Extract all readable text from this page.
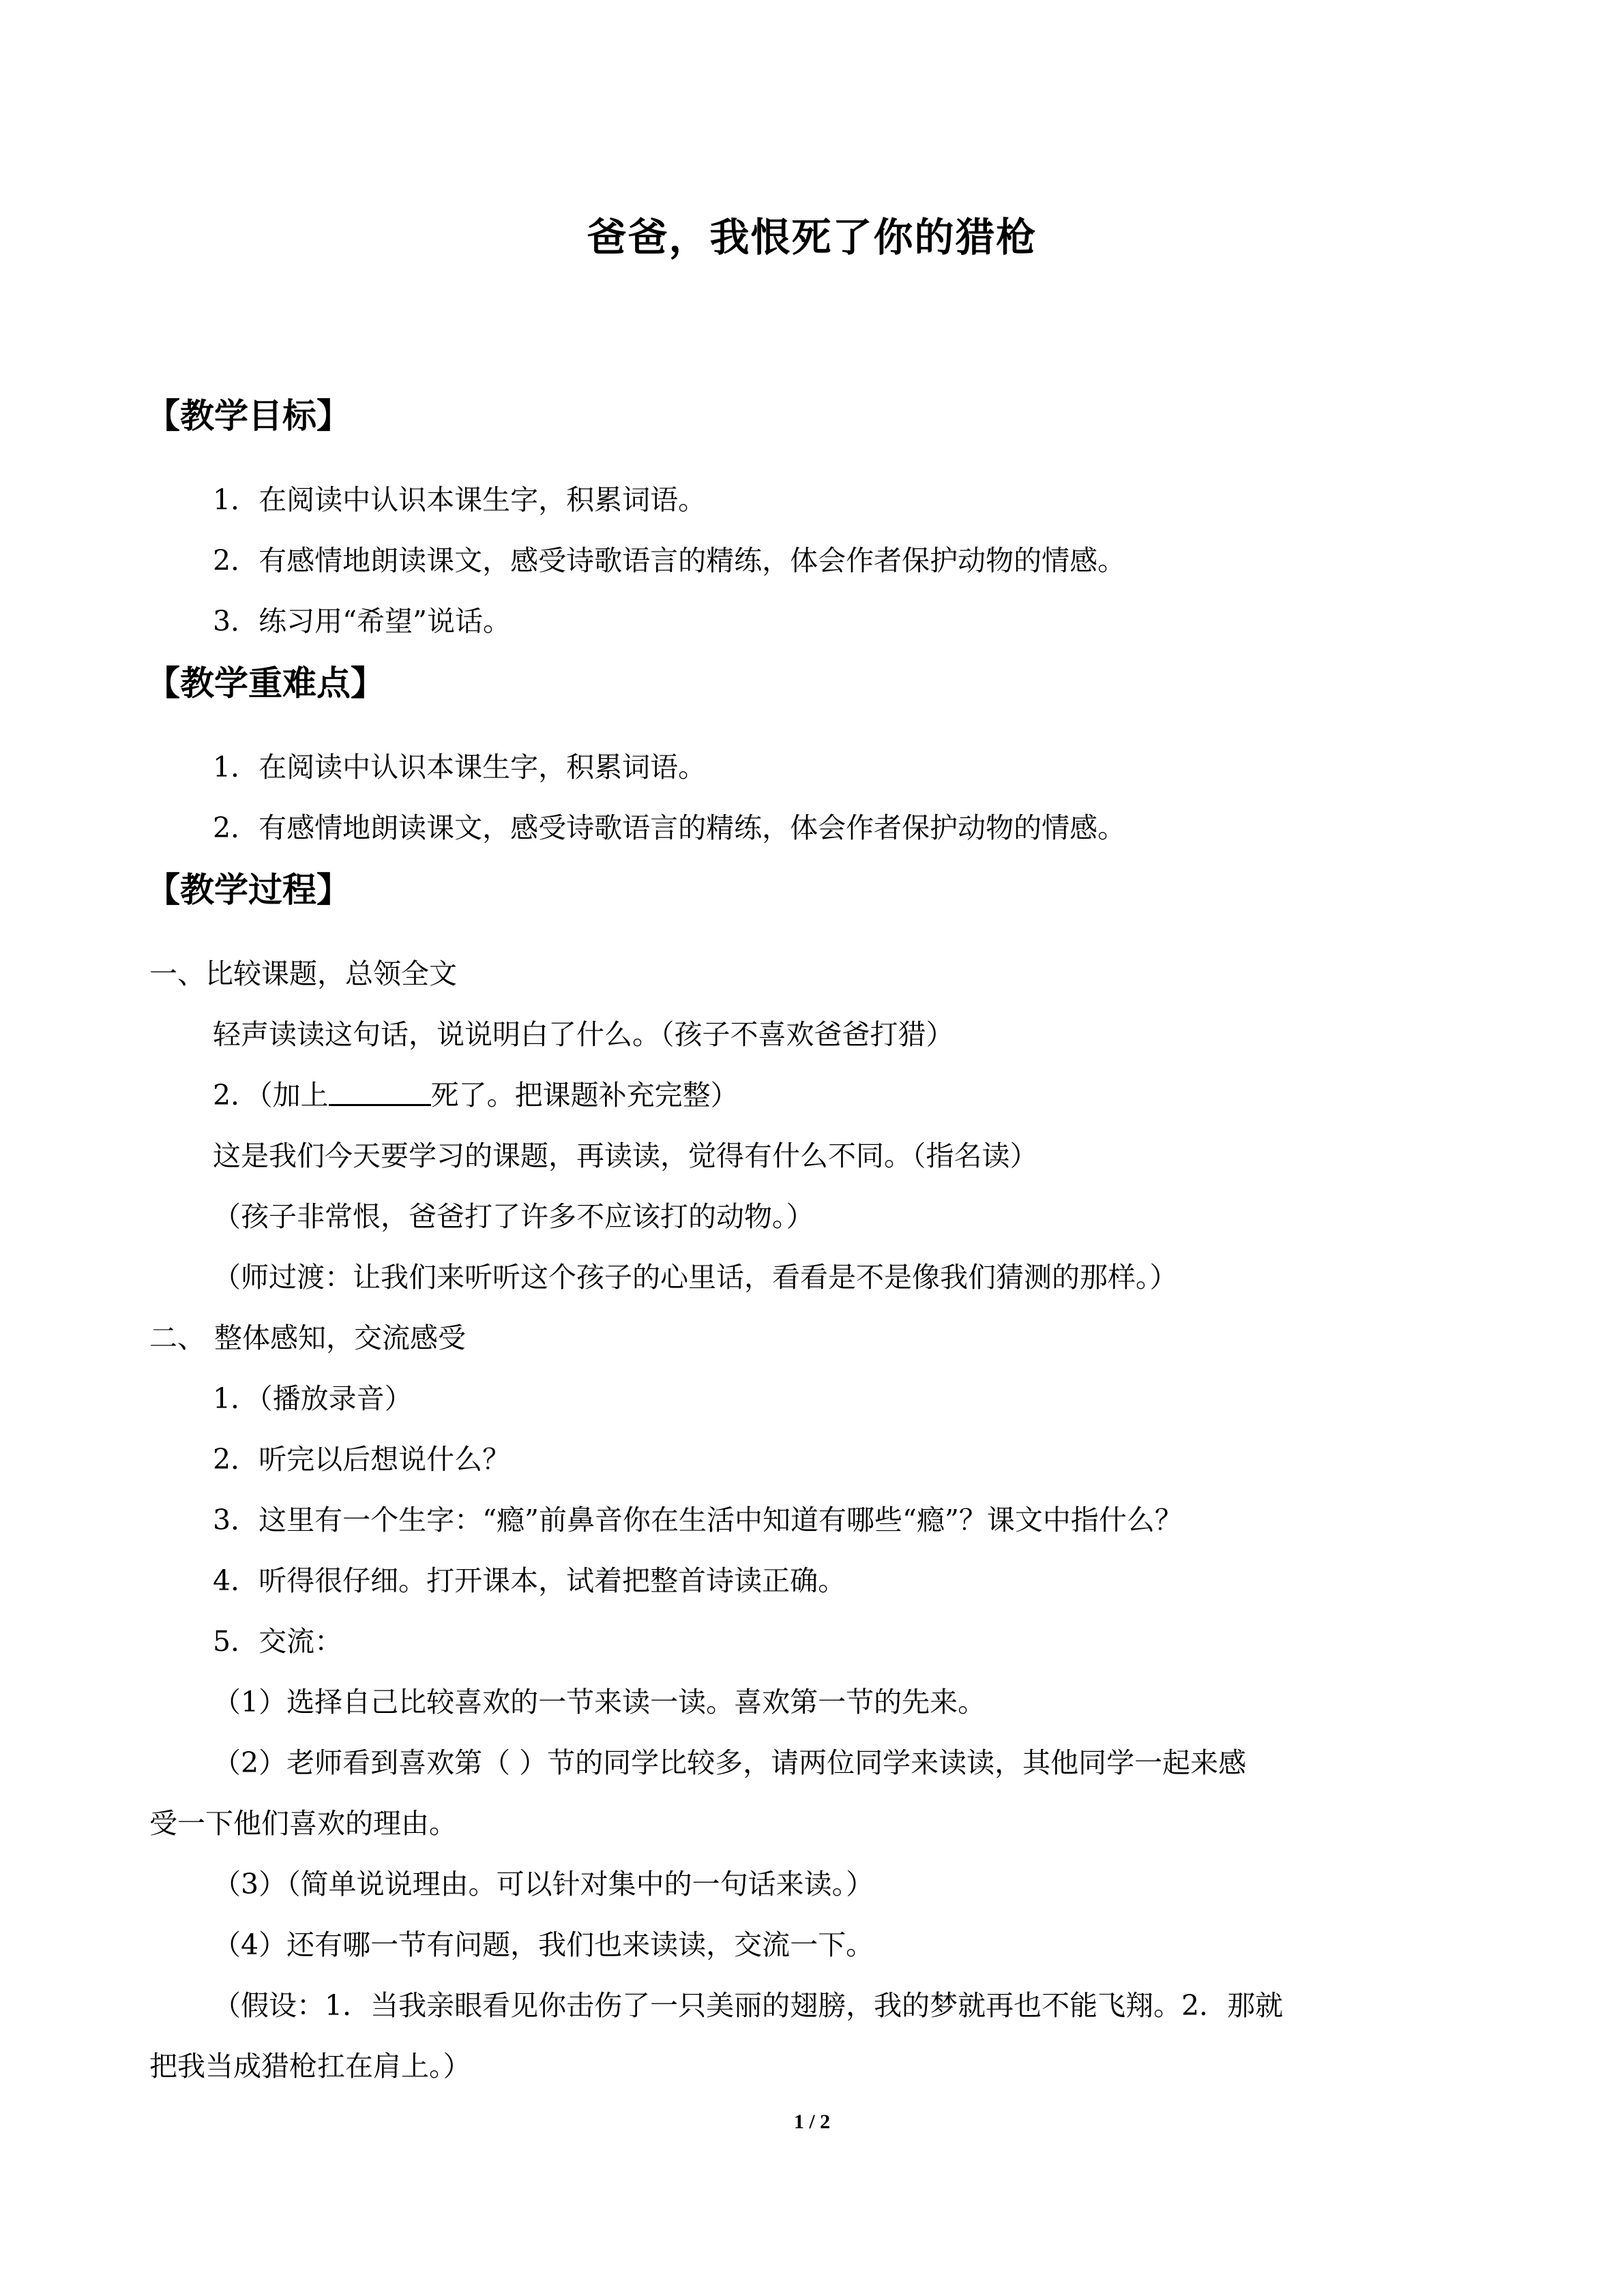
爸爸，我恨死了你的猎枪
【教学目标】
1．在阅读中认识本课生字，积累词语。
2．有感情地朗读课文，感受诗歌语言的精练，体会作者保护动物的情感。
3．练习用“希望”说话。
【教学重难点】
1．在阅读中认识本课生字，积累词语。
2．有感情地朗读课文，感受诗歌语言的精练，体会作者保护动物的情感。
【教学过程】
一、比较课题，总领全文
轻声读读这句话，说说明白了什么。（孩子不喜欢爸爸打猎）
2．（加上	死了。把课题补充完整）
这是我们今天要学习的课题，再读读，觉得有什么不同。（指名读）
（孩子非常恨，爸爸打了许多不应该打的动物。）
（师过渡：让我们来听听这个孩子的心里话，看看是不是像我们猜测的那样。）
二、 整体感知，交流感受
1．（播放录音）
2．听完以后想说什么？
3．这里有一个生字：“瘾”前鼻音你在生活中知道有哪些“瘾”？课文中指什么？
4．听得很仔细。打开课本，试着把整首诗读正确。
5．交流：
（1）选择自己比较喜欢的一节来读一读。喜欢第一节的先来。
（2）老师看到喜欢第（ ）节的同学比较多，请两位同学来读读，其他同学一起来感
受一下他们喜欢的理由。
（3）（简单说说理由。可以针对集中的一句话来读。）
（4）还有哪一节有问题，我们也来读读，交流一下。
（假设：1．当我亲眼看见你击伤了一只美丽的翅膀，我的梦就再也不能飞翔。2．那就
把我当成猎枪扛在肩上。）
1 / 2
